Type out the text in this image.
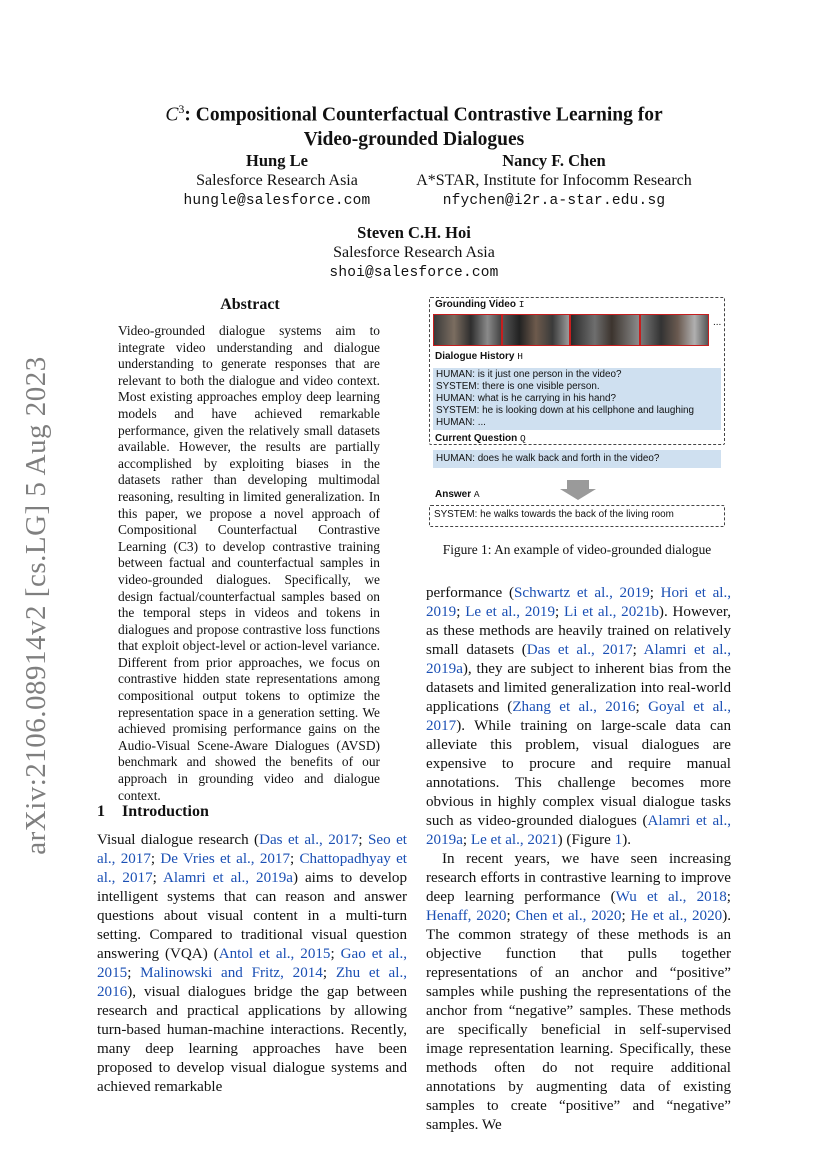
arXiv:2106.08914v2 [cs.LG] 5 Aug 2023
$C^3$: Compositional Counterfactual Contrastive Learning for
Video-grounded Dialogues
Hung Le
Salesforce Research Asia
hungle@salesforce.com
Nancy F. Chen
A*STAR, Institute for Infocomm Research
nfychen@i2r.a-star.edu.sg
Steven C.H. Hoi
Salesforce Research Asia
shoi@salesforce.com
Abstract
Video-grounded dialogue systems aim to integrate video understanding and dialogue understanding to generate responses that are relevant to both the dialogue and video context. Most existing approaches employ deep learning models and have achieved remarkable performance, given the relatively small datasets available. However, the results are partially accomplished by exploiting biases in the datasets rather than developing multimodal reasoning, resulting in limited generalization. In this paper, we propose a novel approach of Compositional Counterfactual Contrastive Learning (C3) to develop contrastive training between factual and counterfactual samples in video-grounded dialogues. Specifically, we design factual/counterfactual samples based on the temporal steps in videos and tokens in dialogues and propose contrastive loss functions that exploit object-level or action-level variance. Different from prior approaches, we focus on contrastive hidden state representations among compositional output tokens to optimize the representation space in a generation setting. We achieved promising performance gains on the Audio-Visual Scene-Aware Dialogues (AVSD) benchmark and showed the benefits of our approach in grounding video and dialogue context.
1 Introduction

Visual dialogue research (Das et al., 2017; Seo et al., 2017; De Vries et al., 2017; Chattopadhyay et al., 2017; Alamri et al., 2019a) aims to develop intelligent systems that can reason and answer questions about visual content in a multi-turn setting. Compared to traditional visual question answering (VQA) (Antol et al., 2015; Gao et al., 2015; Malinowski and Fritz, 2014; Zhu et al., 2016), visual dialogues bridge the gap between research and practical applications by allowing turn-based human-machine interactions. Recently, many deep learning approaches have been proposed to develop visual dialogue systems and achieved remarkable

Grounding Video I
...
Dialogue History H
HUMAN: is it just one person in the video?
SYSTEM: there is one visible person.
HUMAN: what is he carrying in his hand?
SYSTEM: he is looking down at his cellphone and laughing
HUMAN: ...
Current Question Q
HUMAN: does he walk back and forth in the video?
Answer A
SYSTEM: he walks towards the back of the living room
Figure 1: An example of video-grounded dialogue

performance (Schwartz et al., 2019; Hori et al., 2019; Le et al., 2019; Li et al., 2021b). However, as these methods are heavily trained on relatively small datasets (Das et al., 2017; Alamri et al., 2019a), they are subject to inherent bias from the datasets and limited generalization into real-world applications (Zhang et al., 2016; Goyal et al., 2017). While training on large-scale data can alleviate this problem, visual dialogues are expensive to procure and require manual annotations. This challenge becomes more obvious in highly complex visual dialogue tasks such as video-grounded dialogues (Alamri et al., 2019a; Le et al., 2021) (Figure 1).

In recent years, we have seen increasing research efforts in contrastive learning to improve deep learning performance (Wu et al., 2018; Henaff, 2020; Chen et al., 2020; He et al., 2020). The common strategy of these methods is an objective function that pulls together representations of an anchor and “positive” samples while pushing the representations of the anchor from “negative” samples. These methods are specifically beneficial in self-supervised image representation learning. Specifically, these methods often do not require additional annotations by augmenting data of existing samples to create “positive” and “negative” samples. We
